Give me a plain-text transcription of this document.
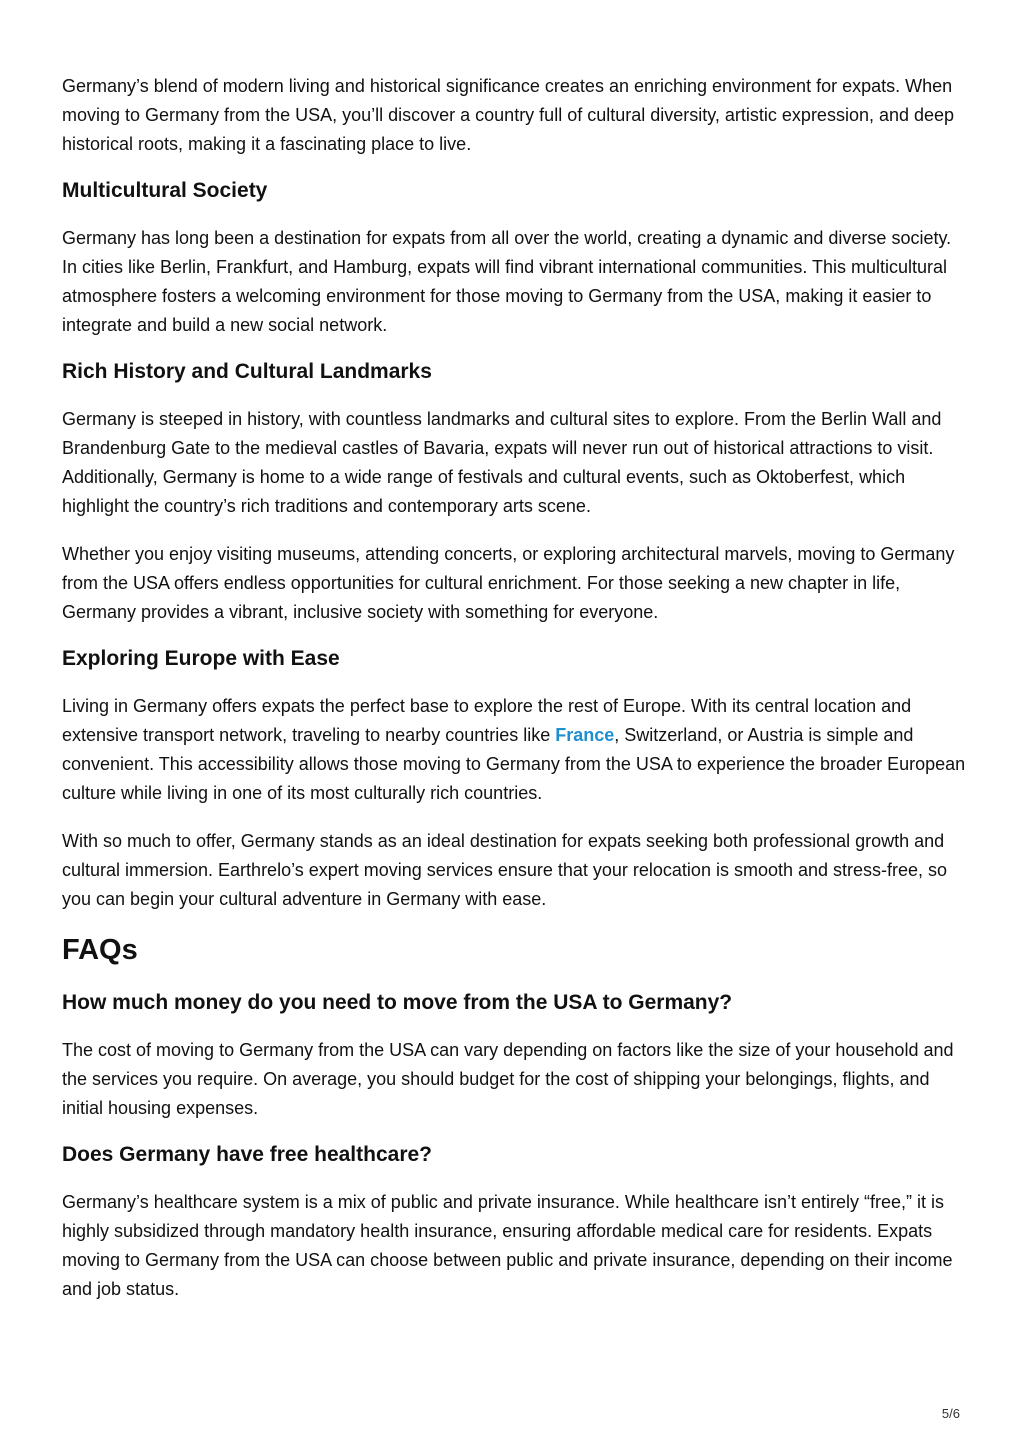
Germany’s blend of modern living and historical significance creates an enriching environment for expats. When moving to Germany from the USA, you’ll discover a country full of cultural diversity, artistic expression, and deep historical roots, making it a fascinating place to live.

Multicultural Society

Germany has long been a destination for expats from all over the world, creating a dynamic and diverse society. In cities like Berlin, Frankfurt, and Hamburg, expats will find vibrant international communities. This multicultural atmosphere fosters a welcoming environment for those moving to Germany from the USA, making it easier to integrate and build a new social network.

Rich History and Cultural Landmarks

Germany is steeped in history, with countless landmarks and cultural sites to explore. From the Berlin Wall and Brandenburg Gate to the medieval castles of Bavaria, expats will never run out of historical attractions to visit. Additionally, Germany is home to a wide range of festivals and cultural events, such as Oktoberfest, which highlight the country’s rich traditions and contemporary arts scene.

Whether you enjoy visiting museums, attending concerts, or exploring architectural marvels, moving to Germany from the USA offers endless opportunities for cultural enrichment. For those seeking a new chapter in life, Germany provides a vibrant, inclusive society with something for everyone.

Exploring Europe with Ease

Living in Germany offers expats the perfect base to explore the rest of Europe. With its central location and extensive transport network, traveling to nearby countries like France, Switzerland, or Austria is simple and convenient. This accessibility allows those moving to Germany from the USA to experience the broader European culture while living in one of its most culturally rich countries.

With so much to offer, Germany stands as an ideal destination for expats seeking both professional growth and cultural immersion. Earthrelo’s expert moving services ensure that your relocation is smooth and stress-free, so you can begin your cultural adventure in Germany with ease.

FAQs
How much money do you need to move from the USA to Germany?

The cost of moving to Germany from the USA can vary depending on factors like the size of your household and the services you require. On average, you should budget for the cost of shipping your belongings, flights, and initial housing expenses.

Does Germany have free healthcare?

Germany’s healthcare system is a mix of public and private insurance. While healthcare isn’t entirely “free,” it is highly subsidized through mandatory health insurance, ensuring affordable medical care for residents. Expats moving to Germany from the USA can choose between public and private insurance, depending on their income and job status.

5/6
